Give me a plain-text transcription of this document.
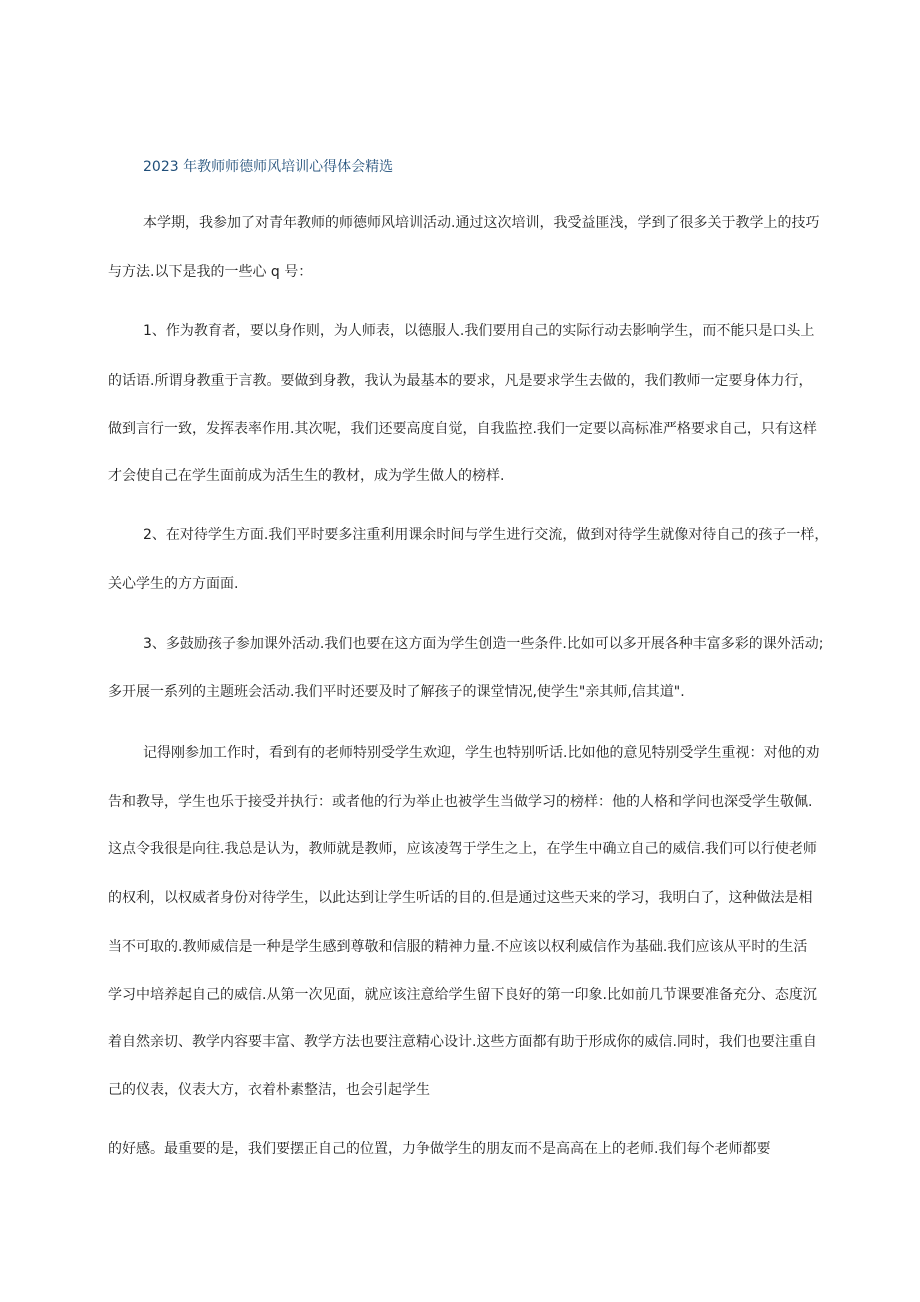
2023 年教师师德师风培训心得体会精选
本学期，我参加了对青年教师的师德师风培训活动.通过这次培训，我受益匪浅，学到了很多关于教学上的技巧
与方法.以下是我的一些心 q 号：
1、作为教育者，要以身作则，为人师表，以德服人.我们要用自己的实际行动去影响学生，而不能只是口头上
的话语.所谓身教重于言教。要做到身教，我认为最基本的要求，凡是要求学生去做的，我们教师一定要身体力行，
做到言行一致，发挥表率作用.其次呢，我们还要高度自觉，自我监控.我们一定要以高标准严格要求自己，只有这样
才会使自己在学生面前成为活生生的教材，成为学生做人的榜样.
2、在对待学生方面.我们平时要多注重利用课余时间与学生进行交流，做到对待学生就像对待自己的孩子一样，
关心学生的方方面面.
3、多鼓励孩子参加课外活动.我们也要在这方面为学生创造一些条件.比如可以多开展各种丰富多彩的课外活动;
多开展一系列的主题班会活动.我们平时还要及时了解孩子的课堂情况,使学生"亲其师,信其道".
记得刚参加工作时，看到有的老师特别受学生欢迎，学生也特别听话.比如他的意见特别受学生重视：对他的劝
告和教导，学生也乐于接受并执行：或者他的行为举止也被学生当做学习的榜样：他的人格和学问也深受学生敬佩.
这点令我很是向往.我总是认为，教师就是教师，应该凌驾于学生之上，在学生中确立自己的威信.我们可以行使老师
的权利，以权威者身份对待学生，以此达到让学生听话的目的.但是通过这些天来的学习，我明白了，这种做法是相
当不可取的.教师威信是一种是学生感到尊敬和信服的精神力量.不应该以权利威信作为基础.我们应该从平时的生活
学习中培养起自己的威信.从第一次见面，就应该注意给学生留下良好的第一印象.比如前几节课要准备充分、态度沉
着自然亲切、教学内容要丰富、教学方法也要注意精心设计.这些方面都有助于形成你的威信.同时，我们也要注重自
己的仪表，仪表大方，衣着朴素整洁，也会引起学生
的好感。最重要的是，我们要摆正自己的位置，力争做学生的朋友而不是高高在上的老师.我们每个老师都要
